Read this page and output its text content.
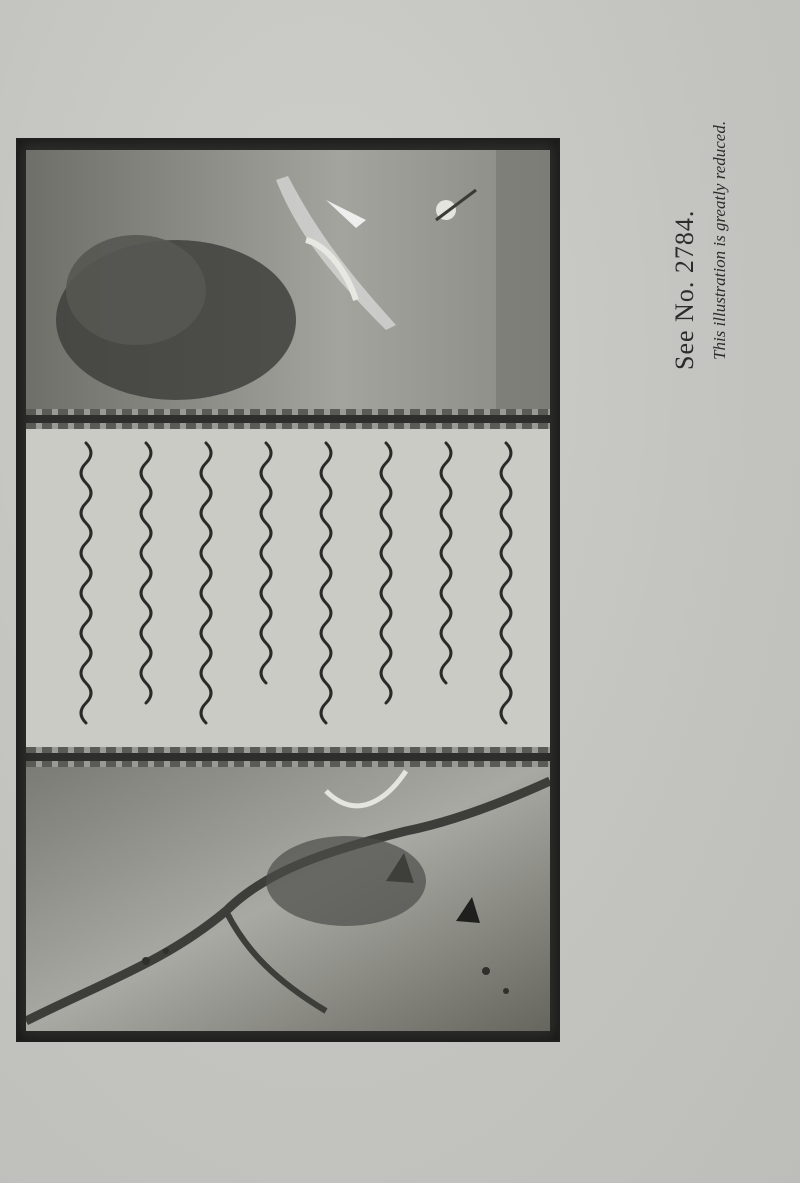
See No. 2784. This illustration is greatly reduced.
